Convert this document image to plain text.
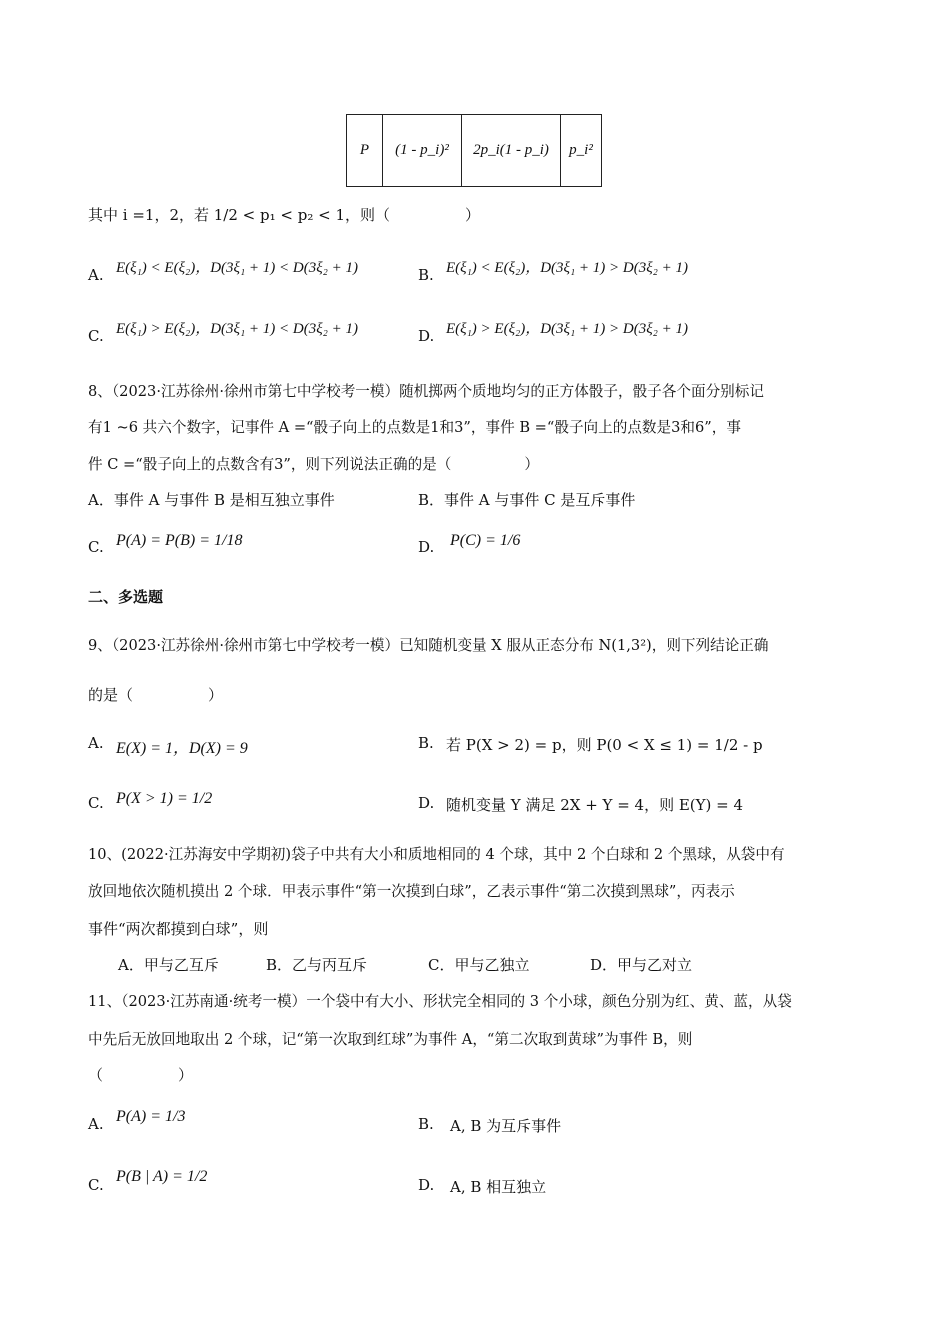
P	(1 - p_i)²	2p_i(1 - p_i)	p_i²
其中 i =1，2，若 1/2 < p₁ < p₂ < 1，则（　　　　　）
A. E(ξ₁) < E(ξ₂)，D(3ξ₁ + 1) < D(3ξ₂ + 1)	B. E(ξ₁) < E(ξ₂)，D(3ξ₁ + 1) > D(3ξ₂ + 1)
C. E(ξ₁) > E(ξ₂)，D(3ξ₁ + 1) < D(3ξ₂ + 1)	D. E(ξ₁) > E(ξ₂)，D(3ξ₁ + 1) > D(3ξ₂ + 1)
8、（2023·江苏徐州·徐州市第七中学校考一模）随机掷两个质地均匀的正方体骰子，骰子各个面分别标记
有1 ~6 共六个数字，记事件 A =“骰子向上的点数是1和3”，事件 B =“骰子向上的点数是3和6”，事
件 C =“骰子向上的点数含有3”，则下列说法正确的是（　　　　　）
A．事件 A 与事件 B 是相互独立事件	B．事件 A 与事件 C 是互斥事件
C. P(A) = P(B) = 1/18	D. P(C) = 1/6
二、多选题
9、（2023·江苏徐州·徐州市第七中学校考一模）已知随机变量 X 服从正态分布 N(1,3²)，则下列结论正确
的是（　　　　　）
A. E(X) = 1，D(X) = 9	B. 若 P(X > 2) = p，则 P(0 < X ≤ 1) = 1/2 - p
C. P(X > 1) = 1/2	D. 随机变量 Y 满足 2X + Y = 4，则 E(Y) = 4
10、(2022·江苏海安中学期初)袋子中共有大小和质地相同的 4 个球，其中 2 个白球和 2 个黑球，从袋中有
放回地依次随机摸出 2 个球．甲表示事件“第一次摸到白球”，乙表示事件“第二次摸到黑球”，丙表示
事件“两次都摸到白球”，则
A．甲与乙互斥	B．乙与丙互斥	C．甲与乙独立	D．甲与乙对立
11、（2023·江苏南通·统考一模）一个袋中有大小、形状完全相同的 3 个小球，颜色分别为红、黄、蓝，从袋
中先后无放回地取出 2 个球，记“第一次取到红球”为事件 A，“第二次取到黄球”为事件 B，则
（　　　　　）
A. P(A) = 1/3	B. A, B 为互斥事件
C. P(B | A) = 1/2	D. A, B 相互独立
